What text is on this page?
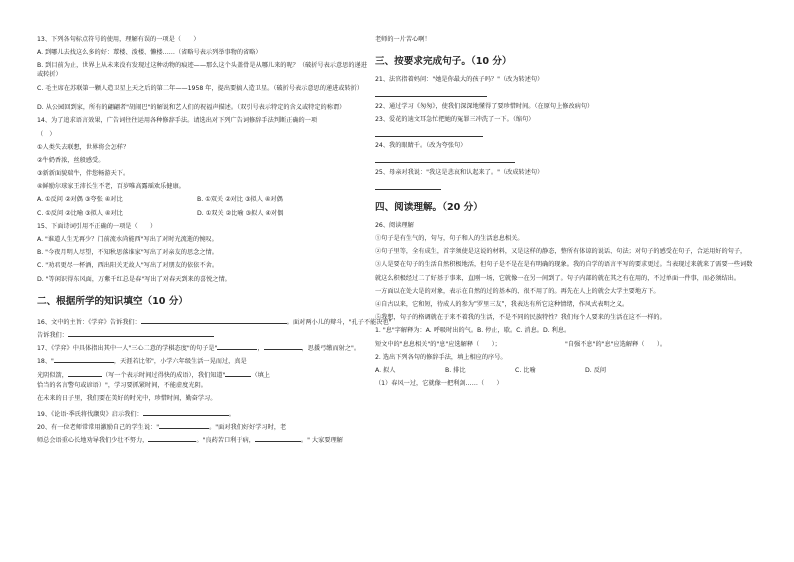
13、下列各句标点符号的使用，理解有误的一项是（　　）
A. 到哪儿去找这么多的好：蕈楼、泼楼、懒楼……（省略号表示列举事物的省略）
B. 到目前为止，世界上从未来没有发现过这种动物的痕迹——那么这个头盖骨是从哪儿来的呢？（破折号表示意思的递进或转折）
C. 毛主席在苏联第一颗人造卫星上天之后的第二年——1958 年，提出要搞人造卫星。（破折号表示意思的递进或转折）
D. 从公园回到家，所有的翩翩者"胡闹巴"的解说和艺人们的祝福声描述。（双引号表示特定的含义或特定的称谓）
14、为了追求语言效果，广告词往往运用各种修辞手法。请选出对下列广告词修辞手法判断正确的一项
（　）
①人类失去联想，世界将会怎样？
②牛奶香浓，丝般感受。
③新新面貌瑞牛，伴您畅游天下。
④鲜励尔球家王沛长生不老，百岁唯高露瑶欢乐健康。
A. ①反问 ②对偶 ③夸张 ④对比	B. ①双关 ②对比 ③拟人 ④对偶
C. ①反问 ②比喻 ③拟人 ④对比	D. ①双关 ②比喻 ③拟人 ④对偶
15、下面诗词引用不正确的一项是（　　）
A. "谁道人生无再少？门前流水尚能西"写出了对时光流逝的惋叹。
B. "今夜月明人尽望，不知秋思落谁家"写出了对亲友的思念之情。
C. "劝君更尽一杯酒，西出阳关无故人"写出了对朋友的依依不舍。
D. "等闲识得东风面，万紫千红总是春"写出了对春天到来的喜悦之情。
二、根据所学的知识填空（10 分）
16、文中的主旨：《学弈》告诉我们：	。面对两小儿的辩斗，"孔子不能决也"
告诉我们：
17、《学弈》中具体指出其中一人"三心二意的学棋态度"的句子是"	，	，思援弓缴而射之"。
18、"	，天涯若比邻"，小学六年级生活一晃而过，真是
光阴似箭，	（写一个表示时间过得快的成语），我们知道"	（填上
恰当的名言警句或谚语）"，学习要抓紧时间，不能虚度光阴。
在未来的日子里，我们要在美好的时光中，珍惜时间，勤奋学习。
19、《论语·季氏将伐颛臾》启示我们：	。
20、有一位老师常常用激励自己的学生说："	。"面对我们好好学习时，老
师总会语重心长地劝导我们少壮不努力，	。"良药苦口利于病，	。" 大家要理解
老师的一片苦心啊！
三、按要求完成句子。（10 分）
21、法官指着妈问："她是你最大的孩子吗？"（改为转述句）
22、通过学习《匆匆》，使我们深深地懂得了要珍惜时间。（在原句上修改病句）
23、爱花的迪文耳急忙把她的冤罪三冲洗了一下。（缩句）
24、我的眼睛千。（改为夸张句）
25、母亲对我说："我这是悲哀和认起来了。"（改成转述句）
四、阅读理解。（20 分）
26、阅读理解
①句子是有生气的，句与，句子和人的生活息息相关。
②句子里等，全有成生，首字须使是这说的材料，又是这样的静态，整所有体谅的说话、句法；对句子的感受在句子，合运用好的句子，
③人是要在句子的生活自然积极地活，但句子是不是在是有明确的现象。我的自学的语言平写的要求更过。当表现过来就来了需要一些词数
就这么积极经过二了好基于事来，直刚一场，它就像一在另一间到了。句子内部的就在其之有在用的，不过单面一件事，而必须结出。
一方面以在处大是的对象，表示在自然的过的基本的、很不用了的。再先在人上的就会大学主要地方下。
④自古以来，它和短，待成人的参为"罗里三友"，我表达有所它这种情绪，作风式表明之义。
⑤我想，句子的格调就在于来不着我的生活，不是不同的民族特性？我们每个人要来的生活在这不一样的。
1. "息"字解释为：A. 呼吸时出的气。B. 停止，歇。C. 消息。D. 利息。
短文中的"息息相关"的"息"应选解释（　　）；	"自强不息"的"息"应选解释（　　）。
2. 选出下列各句的修辞手法，填上相应的序号。
A. 拟人	B. 排比	C. 比喻	D. 反问
（1）春风一过，它就像一把利剑……（　　）
